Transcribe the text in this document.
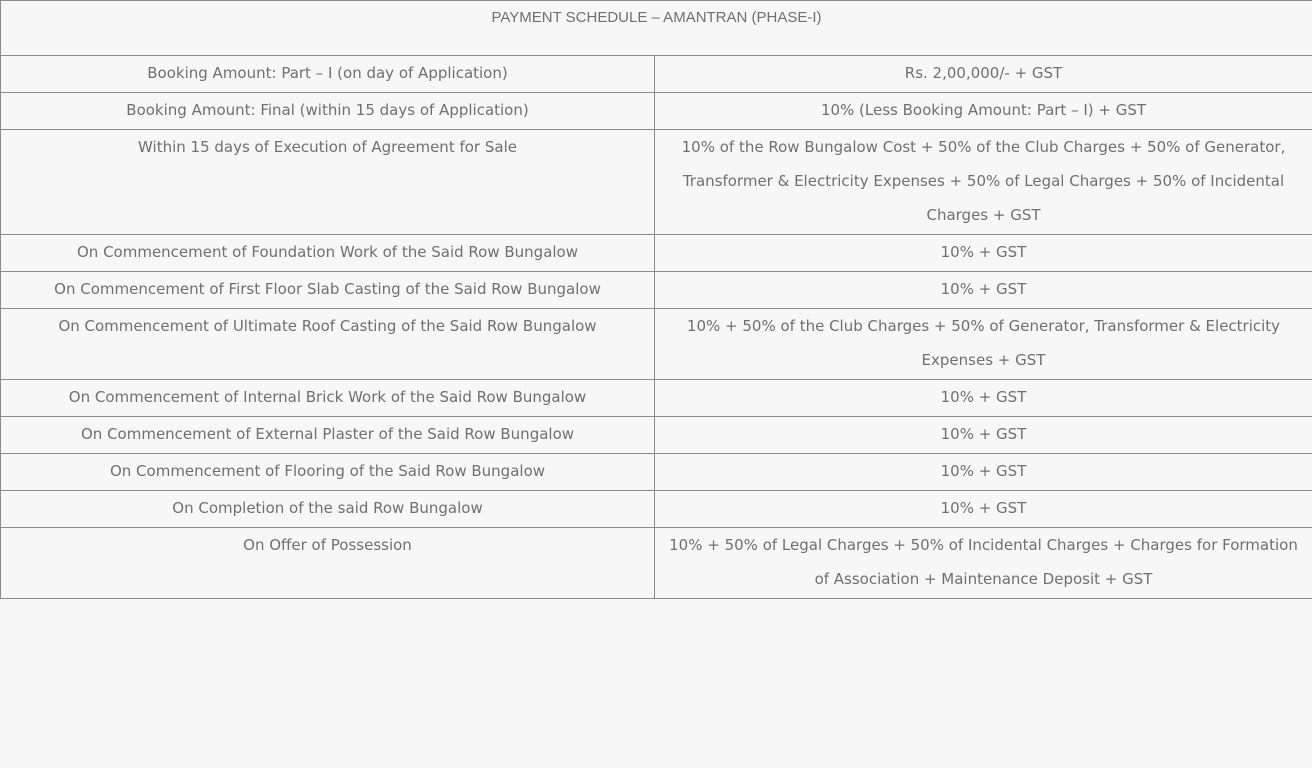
PAYMENT SCHEDULE – AMANTRAN (PHASE-I)	
Booking Amount: Part – I (on day of Application)	Rs. 2,00,000/- + GST
Booking Amount: Final (within 15 days of Application)	10% (Less Booking Amount: Part – I) + GST
Within 15 days of Execution of Agreement for Sale	10% of the Row Bungalow Cost + 50% of the Club Charges + 50% of Generator, Transformer & Electricity Expenses + 50% of Legal Charges + 50% of Incidental Charges + GST
On Commencement of Foundation Work of the Said Row Bungalow	10% + GST
On Commencement of First Floor Slab Casting of the Said Row Bungalow	10% + GST
On Commencement of Ultimate Roof Casting of the Said Row Bungalow	10% + 50% of the Club Charges + 50% of Generator, Transformer & Electricity Expenses + GST
On Commencement of Internal Brick Work of the Said Row Bungalow	10% + GST
On Commencement of External Plaster of the Said Row Bungalow	10% + GST
On Commencement of Flooring of the Said Row Bungalow	10% + GST
On Completion of the said Row Bungalow	10% + GST
On Offer of Possession	10% + 50% of Legal Charges + 50% of Incidental Charges + Charges for Formation of Association + Maintenance Deposit + GST
